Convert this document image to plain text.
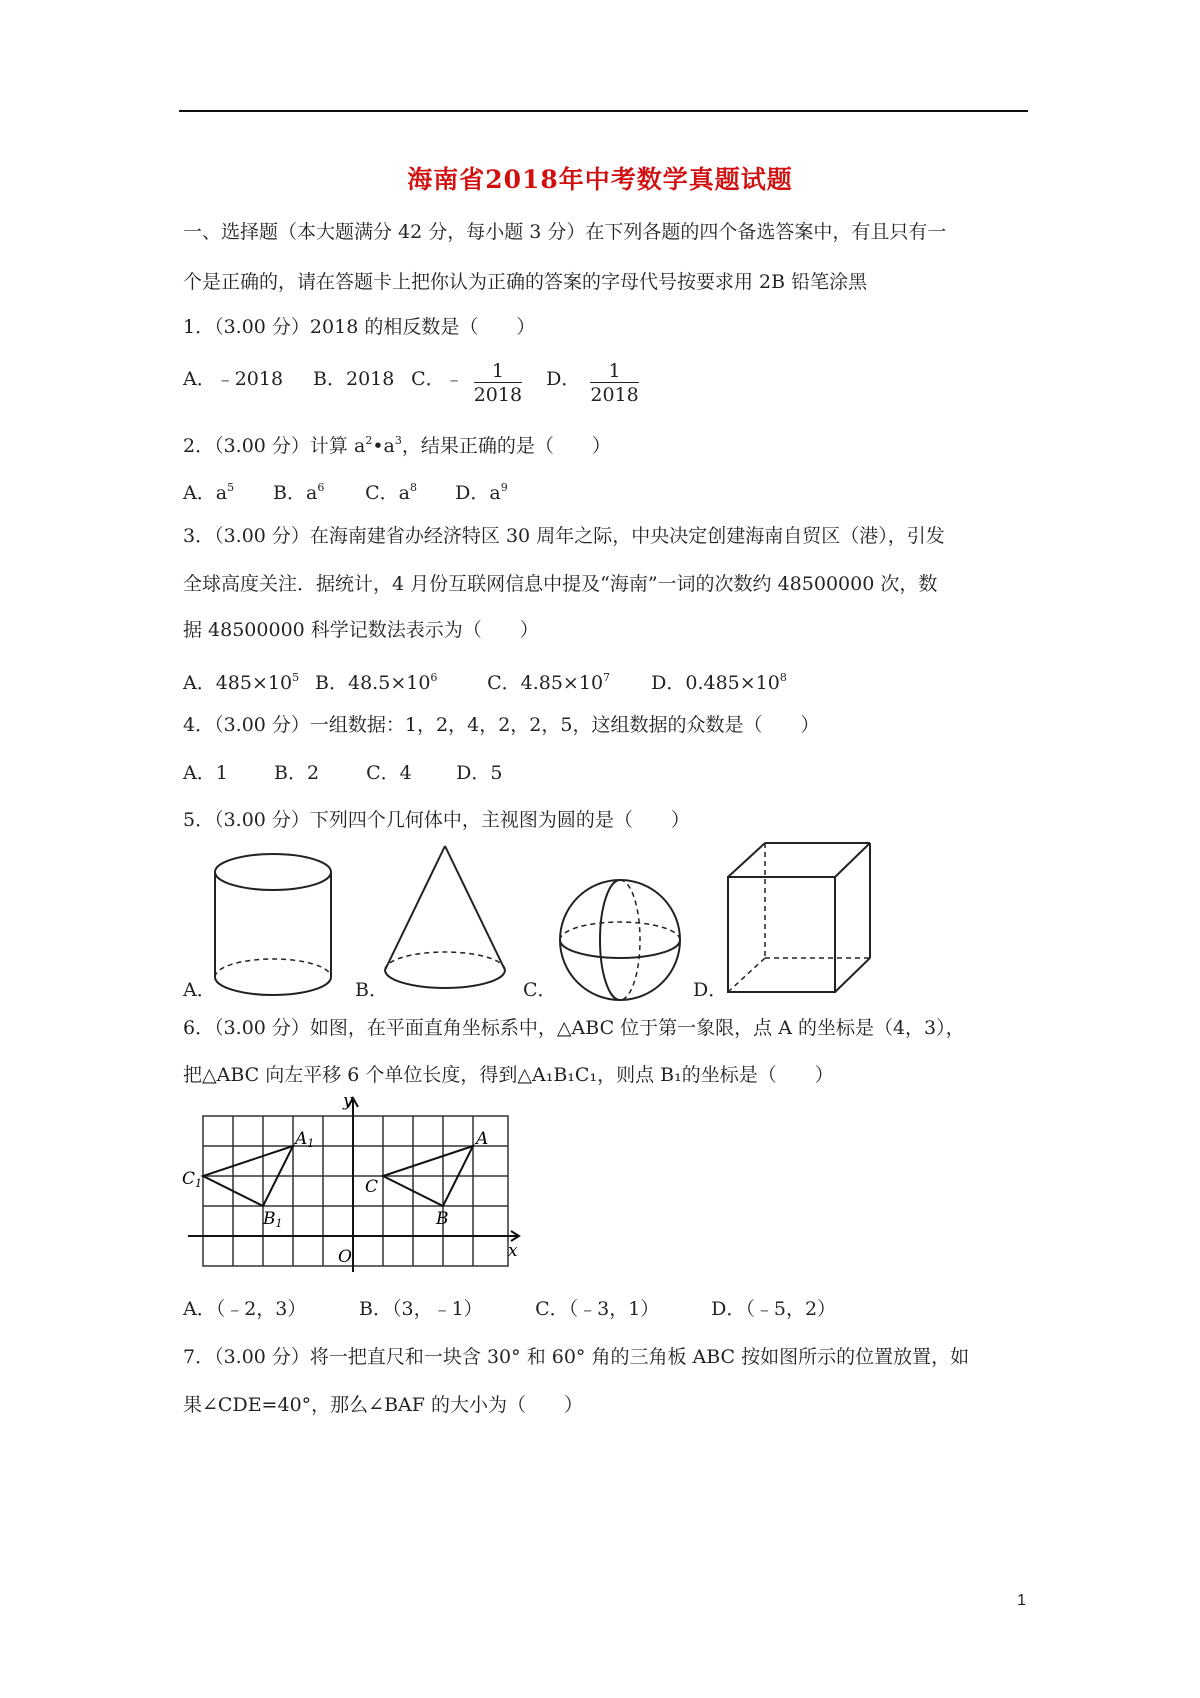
海南省2018年中考数学真题试题
一、选择题（本大题满分 42 分，每小题 3 分）在下列各题的四个备选答案中，有且只有一
个是正确的，请在答题卡上把你认为正确的答案的字母代号按要求用 2B 铅笔涂黑
1．（3.00 分）2018 的相反数是（　　）
A．﹣2018 B．2018 C．﹣ $\frac{1}{2018}$ D． $\frac{1}{2018}$
2．（3.00 分）计算 $a^2•a^3$，结果正确的是（　　）
A．$a^5$ B．$a^6$ C．$a^8$ D．$a^9$
3．（3.00 分）在海南建省办经济特区 30 周年之际，中央决定创建海南自贸区（港），引发
全球高度关注．据统计，4 月份互联网信息中提及“海南”一词的次数约 48500000 次，数
据 48500000 科学记数法表示为（　　）
A．$485\times 10^5$ B．$48.5\times 10^6$	C．$4.85\times 10^7$ D．$0.485\times 10^8$
4．（3.00 分）一组数据：1，2，4，2，2，5，这组数据的众数是（　　）
A．1 B．2 C．4 D．5
5．（3.00 分）下列四个几何体中，主视图为圆的是（　　）
A．	B．	C．	D．
6．（3.00 分）如图，在平面直角坐标系中，△ABC 位于第一象限，点 A 的坐标是（4，3），
把△ABC 向左平移 6 个单位长度，得到△A₁B₁C₁，则点 B₁的坐标是（　　）
y
x
O
A
B
C
A1
B1
C1
A．（﹣2，3）	B．（3，﹣1）	C．（﹣3，1）	D．（﹣5，2）
7．（3.00 分）将一把直尺和一块含 30° 和 60° 角的三角板 ABC 按如图所示的位置放置，如
果∠CDE=40°，那么∠BAF 的大小为（　　）
1
